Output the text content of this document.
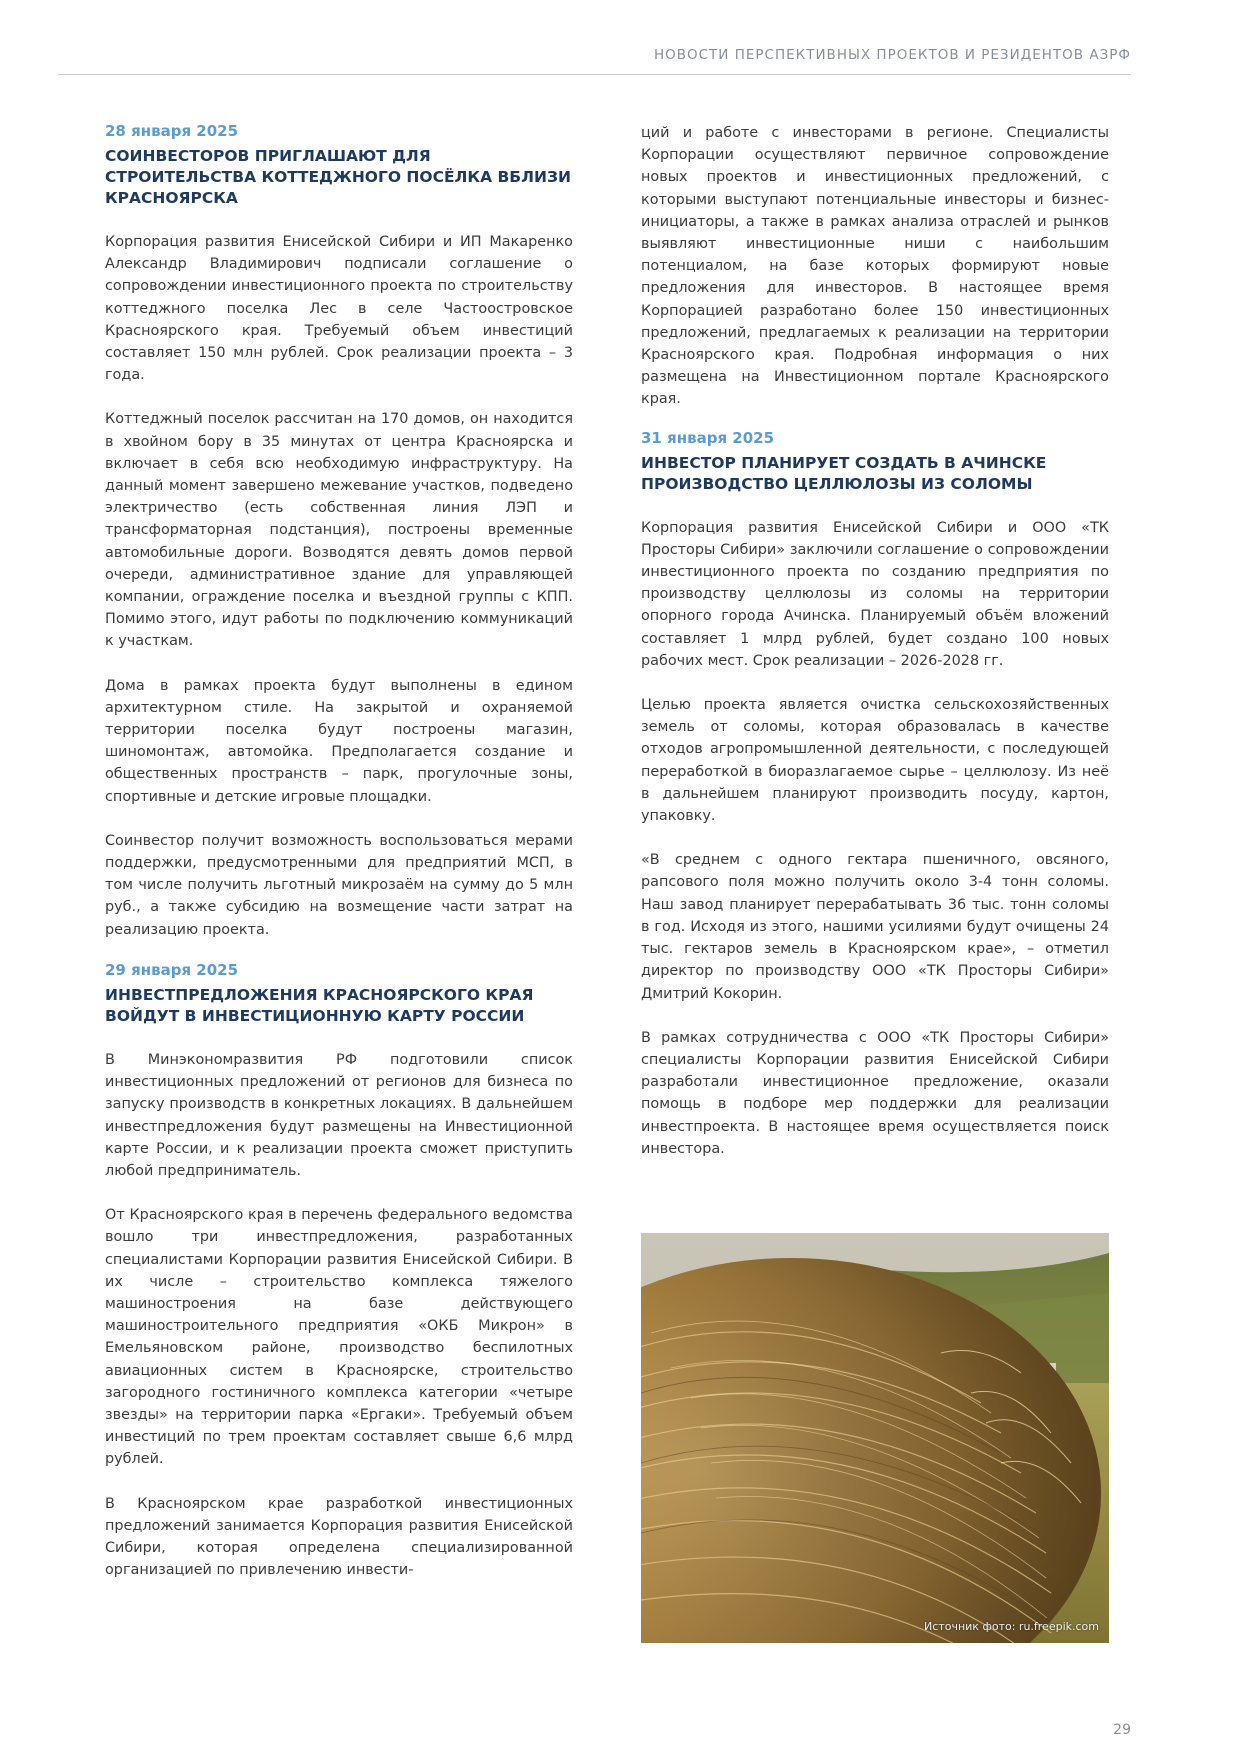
НОВОСТИ ПЕРСПЕКТИВНЫХ ПРОЕКТОВ И РЕЗИДЕНТОВ АЗРФ
28 января 2025
СОИНВЕСТОРОВ ПРИГЛАШАЮТ ДЛЯ СТРОИТЕЛЬСТВА КОТТЕДЖНОГО ПОСЁЛКА ВБЛИЗИ КРАСНОЯРСКА

Корпорация развития Енисейской Сибири и ИП Макаренко Александр Владимирович подписали соглашение о сопровождении инвестиционного проекта по строительству коттеджного поселка Лес в селе Частоостровское Красноярского края. Требуемый объем инвестиций составляет 150 млн рублей. Срок реализации проекта – 3 года.

Коттеджный поселок рассчитан на 170 домов, он находится в хвойном бору в 35 минутах от центра Красноярска и включает в себя всю необходимую инфраструктуру. На данный момент завершено межевание участков, подведено электричество (есть собственная линия ЛЭП и трансформаторная подстанция), построены временные автомобильные дороги. Возводятся девять домов первой очереди, административное здание для управляющей компании, ограждение поселка и въездной группы с КПП. Помимо этого, идут работы по подключению коммуникаций к участкам.

Дома в рамках проекта будут выполнены в едином архитектурном стиле. На закрытой и охраняемой территории поселка будут построены магазин, шиномонтаж, автомойка. Предполагается создание и общественных пространств – парк, прогулочные зоны, спортивные и детские игровые площадки.

Соинвестор получит возможность воспользоваться мерами поддержки, предусмотренными для предприятий МСП, в том числе получить льготный микрозаём на сумму до 5 млн руб., а также субсидию на возмещение части затрат на реализацию проекта.

29 января 2025
ИНВЕСТПРЕДЛОЖЕНИЯ КРАСНОЯРСКОГО КРАЯ ВОЙДУТ В ИНВЕСТИЦИОННУЮ КАРТУ РОССИИ

В Минэкономразвития РФ подготовили список инвестиционных предложений от регионов для бизнеса по запуску производств в конкретных локациях. В дальнейшем инвестпредложения будут размещены на Инвестиционной карте России, и к реализации проекта сможет приступить любой предприниматель.

От Красноярского края в перечень федерального ведомства вошло три инвестпредложения, разработанных специалистами Корпорации развития Енисейской Сибири. В их числе – строительство комплекса тяжелого машиностроения на базе действующего машиностроительного предприятия «ОКБ Микрон» в Емельяновском районе, производство беспилотных авиационных систем в Красноярске, строительство загородного гостиничного комплекса категории «четыре звезды» на территории парка «Ергаки». Требуемый объем инвестиций по трем проектам составляет свыше 6,6 млрд рублей.

В Красноярском крае разработкой инвестиционных предложений занимается Корпорация развития Енисейской Сибири, которая определена специализированной организацией по привлечению инвести-

ций и работе с инвесторами в регионе. Специалисты Корпорации осуществляют первичное сопровождение новых проектов и инвестиционных предложений, с которыми выступают потенциальные инвесторы и бизнес-инициаторы, а также в рамках анализа отраслей и рынков выявляют инвестиционные ниши с наибольшим потенциалом, на базе которых формируют новые предложения для инвесторов. В настоящее время Корпорацией разработано более 150 инвестиционных предложений, предлагаемых к реализации на территории Красноярского края. Подробная информация о них размещена на Инвестиционном портале Красноярского края.

31 января 2025
ИНВЕСТОР ПЛАНИРУЕТ СОЗДАТЬ В АЧИНСКЕ ПРОИЗВОДСТВО ЦЕЛЛЮЛОЗЫ ИЗ СОЛОМЫ

Корпорация развития Енисейской Сибири и ООО «ТК Просторы Сибири» заключили соглашение о сопровождении инвестиционного проекта по созданию предприятия по производству целлюлозы из соломы на территории опорного города Ачинска. Планируемый объём вложений составляет 1 млрд рублей, будет создано 100 новых рабочих мест. Срок реализации – 2026-2028 гг.

Целью проекта является очистка сельскохозяйственных земель от соломы, которая образовалась в качестве отходов агропромышленной деятельности, с последующей переработкой в биоразлагаемое сырье – целлюлозу. Из неё в дальнейшем планируют производить посуду, картон, упаковку.

«В среднем с одного гектара пшеничного, овсяного, рапсового поля можно получить около 3-4 тонн соломы. Наш завод планирует перерабатывать 36 тыс. тонн соломы в год. Исходя из этого, нашими усилиями будут очищены 24 тыс. гектаров земель в Красноярском крае», – отметил директор по производству ООО «ТК Просторы Сибири» Дмитрий Кокорин.

В рамках сотрудничества с ООО «ТК Просторы Сибири» специалисты Корпорации развития Енисейской Сибири разработали инвестиционное предложение, оказали помощь в подборе мер поддержки для реализации инвестпроекта. В настоящее время осуществляется поиск инвестора.

Источник фото: ru.freepik.com
29
